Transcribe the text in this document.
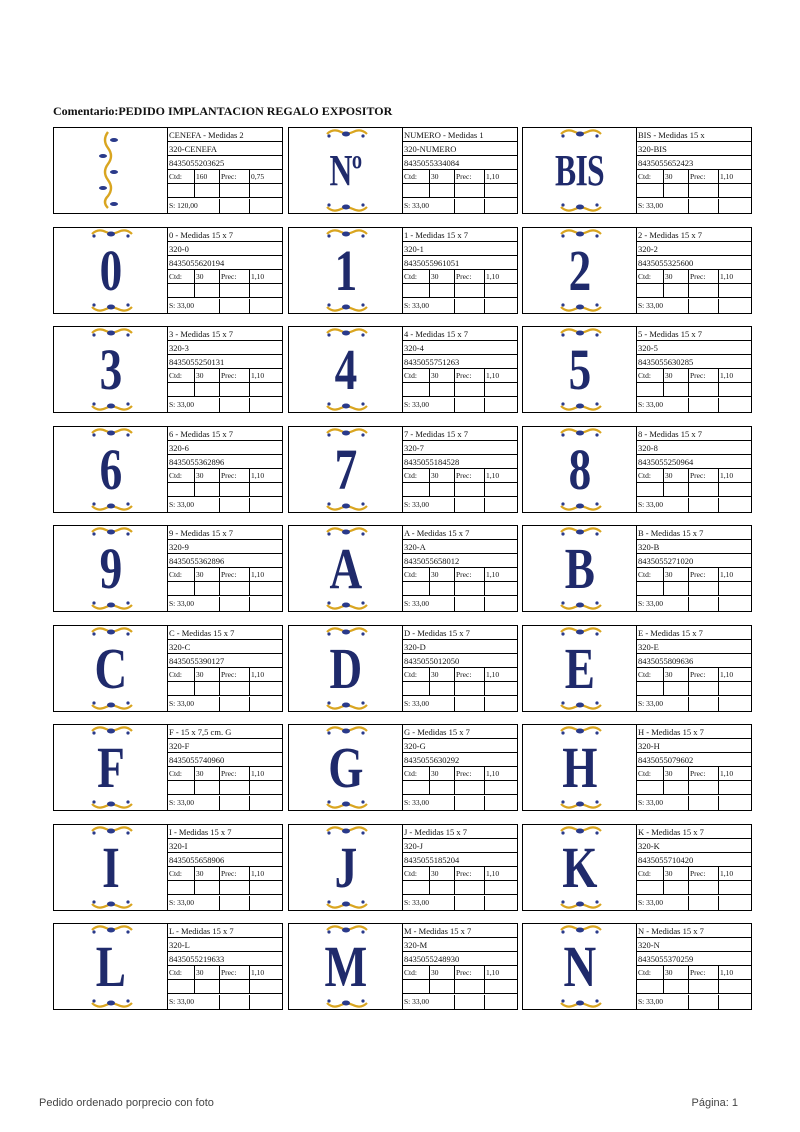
Comentario:PEDIDO IMPLANTACION REGALO EXPOSITOR
CENEFA - Medidas 2
320-CENEFA
8435055203625
Ctd:	160	Prec:	0,75
S: 120,00
Nº
NUMERO - Medidas 1
320-NUMERO
8435055334084
Ctd:	30	Prec:	1,10
S: 33,00
BIS
BIS - Medidas 15 x
320-BIS
8435055652423
Ctd:	30	Prec:	1,10
S: 33,00
0
0 - Medidas 15 x 7
320-0
8435055620194
Ctd:	30	Prec:	1,10
S: 33,00
1
1 - Medidas 15 x 7
320-1
8435055961051
Ctd:	30	Prec:	1,10
S: 33,00
2
2 - Medidas 15 x 7
320-2
8435055325600
Ctd:	30	Prec:	1,10
S: 33,00
3
3 - Medidas 15 x 7
320-3
8435055250131
Ctd:	30	Prec:	1,10
S: 33,00
4
4 - Medidas 15 x 7
320-4
8435055751263
Ctd:	30	Prec:	1,10
S: 33,00
5
5 - Medidas 15 x 7
320-5
8435055630285
Ctd:	30	Prec:	1,10
S: 33,00
6
6 - Medidas 15 x 7
320-6
8435055362896
Ctd:	30	Prec:	1,10
S: 33,00
7
7 - Medidas 15 x 7
320-7
8435055184528
Ctd:	30	Prec:	1,10
S: 33,00
8
8 - Medidas 15 x 7
320-8
8435055250964
Ctd:	30	Prec:	1,10
S: 33,00
9
9 - Medidas 15 x 7
320-9
8435055362896
Ctd:	30	Prec:	1,10
S: 33,00
A
A - Medidas 15 x 7
320-A
8435055658012
Ctd:	30	Prec:	1,10
S: 33,00
B
B - Medidas 15 x 7
320-B
8435055271020
Ctd:	30	Prec:	1,10
S: 33,00
C
C - Medidas 15 x 7
320-C
8435055390127
Ctd:	30	Prec:	1,10
S: 33,00
D
D - Medidas 15 x 7
320-D
8435055012050
Ctd:	30	Prec:	1,10
S: 33,00
E
E - Medidas 15 x 7
320-E
8435055809636
Ctd:	30	Prec:	1,10
S: 33,00
F
F - 15 x 7,5 cm. G
320-F
8435055740960
Ctd:	30	Prec:	1,10
S: 33,00
G
G - Medidas 15 x 7
320-G
8435055630292
Ctd:	30	Prec:	1,10
S: 33,00
H
H - Medidas 15 x 7
320-H
8435055079602
Ctd:	30	Prec:	1,10
S: 33,00
I
I - Medidas 15 x 7
320-I
8435055658906
Ctd:	30	Prec:	1,10
S: 33,00
J
J - Medidas 15 x 7
320-J
8435055185204
Ctd:	30	Prec:	1,10
S: 33,00
K
K - Medidas 15 x 7
320-K
8435055710420
Ctd:	30	Prec:	1,10
S: 33,00
L
L - Medidas 15 x 7
320-L
8435055219633
Ctd:	30	Prec:	1,10
S: 33,00
M
M - Medidas 15 x 7
320-M
8435055248930
Ctd:	30	Prec:	1,10
S: 33,00
N
N - Medidas 15 x 7
320-N
8435055370259
Ctd:	30	Prec:	1,10
S: 33,00
Pedido ordenado porprecio con foto	Página: 1
